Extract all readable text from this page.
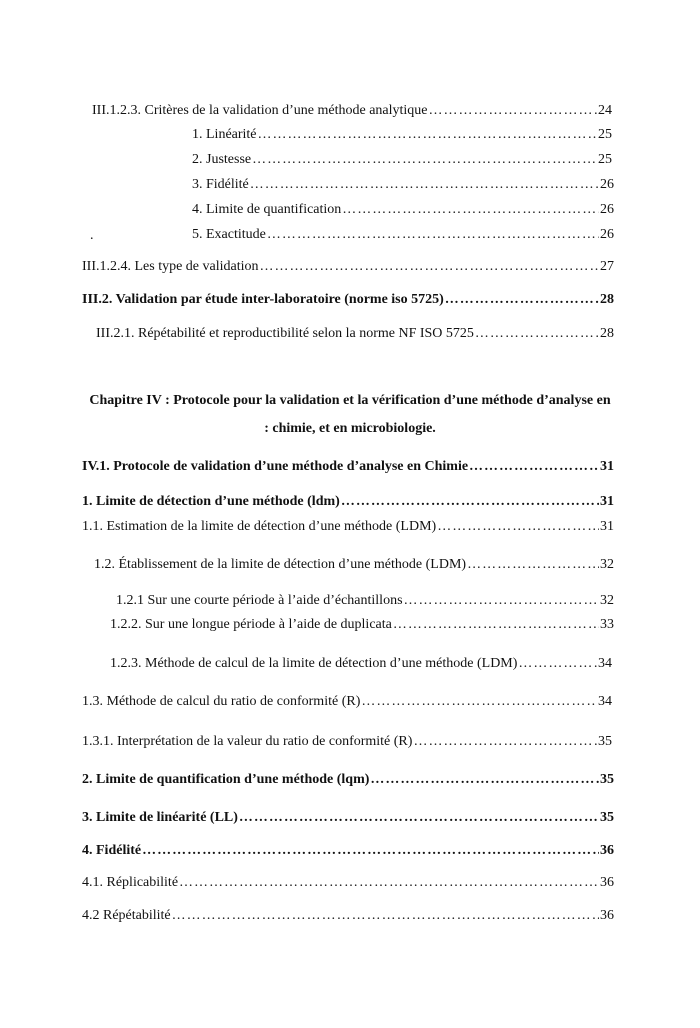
III.1.2.3. Critères de la validation d’une méthode analytique ………………………………………………………………………………………………………………………………………………………………………………………………	24
1. Linéarité ………………………………………………………………………………………………………………………………………………………………………………………………	25
2. Justesse ………………………………………………………………………………………………………………………………………………………………………………………………	25
3. Fidélité ………………………………………………………………………………………………………………………………………………………………………………………………	26
4. Limite de quantification ………………………………………………………………………………………………………………………………………………………………………………………………	26
.	5. Exactitude ………………………………………………………………………………………………………………………………………………………………………………………………	26
III.1.2.4. Les type de validation ………………………………………………………………………………………………………………………………………………………………………………………………	27
III.2. Validation par étude inter-laboratoire (norme iso 5725) ………………………………………………………………………………………………………………………………………………………………………………………………	28
III.2.1. Répétabilité et reproductibilité selon la norme NF ISO 5725 ………………………………………………………………………………………………………………………………………………………………………………………………	28
Chapitre IV : Protocole pour la validation et la vérification d’une méthode d’analyse en
: chimie, et en microbiologie.
IV.1. Protocole de validation d’une méthode d’analyse en Chimie ………………………………………………………………………………………………………………………………………………………………………………………………	31
1. Limite de détection d’une méthode (ldm) ………………………………………………………………………………………………………………………………………………………………………………………………	31
1.1. Estimation de la limite de détection d’une méthode (LDM) ………………………………………………………………………………………………………………………………………………………………………………………………	31
1.2. Établissement de la limite de détection d’une méthode (LDM) ………………………………………………………………………………………………………………………………………………………………………………………………	32
1.2.1 Sur une courte période à l’aide d’échantillons ………………………………………………………………………………………………………………………………………………………………………………………………	32
1.2.2. Sur une longue période à l’aide de duplicata ………………………………………………………………………………………………………………………………………………………………………………………………	33
1.2.3. Méthode de calcul de la limite de détection d’une méthode (LDM) ………………………………………………………………………………………………………………………………………………………………………………………………	34
1.3. Méthode de calcul du ratio de conformité (R) ………………………………………………………………………………………………………………………………………………………………………………………………	34
1.3.1. Interprétation de la valeur du ratio de conformité (R) ………………………………………………………………………………………………………………………………………………………………………………………………	35
2. Limite de quantification d’une méthode (lqm) ………………………………………………………………………………………………………………………………………………………………………………………………	35
3. Limite de linéarité (LL) ………………………………………………………………………………………………………………………………………………………………………………………………	35
4. Fidélité ………………………………………………………………………………………………………………………………………………………………………………………………	36
4.1. Réplicabilité ………………………………………………………………………………………………………………………………………………………………………………………………	36
4.2 Répétabilité ………………………………………………………………………………………………………………………………………………………………………………………………	36
